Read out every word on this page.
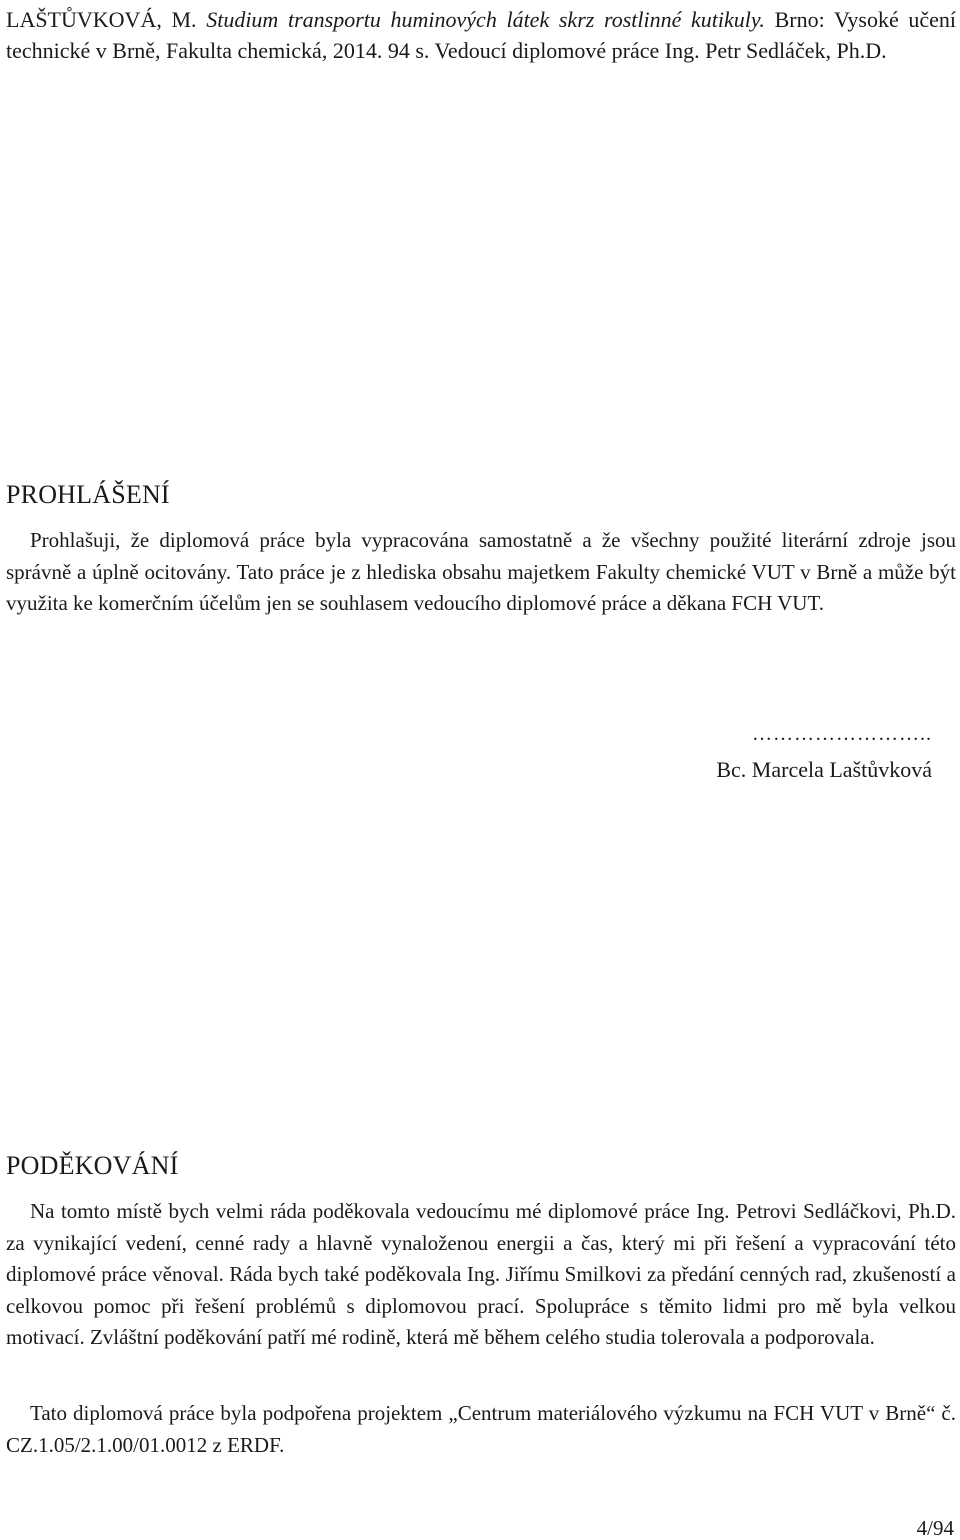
LAŠTŮVKOVÁ, M. Studium transportu huminových látek skrz rostlinné kutikuly. Brno: Vysoké učení technické v Brně, Fakulta chemická, 2014. 94 s. Vedoucí diplomové práce Ing. Petr Sedláček, Ph.D.
PROHLÁŠENÍ
Prohlašuji, že diplomová práce byla vypracována samostatně a že všechny použité literární zdroje jsou správně a úplně ocitovány. Tato práce je z hlediska obsahu majetkem Fakulty chemické VUT v Brně a může být využita ke komerčním účelům jen se souhlasem vedoucího diplomové práce a děkana FCH VUT.
……………………..
Bc. Marcela Laštůvková
PODĚKOVÁNÍ
Na tomto místě bych velmi ráda poděkovala vedoucímu mé diplomové práce Ing. Petrovi Sedláčkovi, Ph.D. za vynikající vedení, cenné rady a hlavně vynaloženou energii a čas, který mi při řešení a vypracování této diplomové práce věnoval. Ráda bych také poděkovala Ing. Jiřímu Smilkovi za předání cenných rad, zkušeností a celkovou pomoc při řešení problémů s diplomovou prací. Spolupráce s těmito lidmi pro mě byla velkou motivací. Zvláštní poděkování patří mé rodině, která mě během celého studia tolerovala a podporovala.
Tato diplomová práce byla podpořena projektem „Centrum materiálového výzkumu na FCH VUT v Brně“ č. CZ.1.05/2.1.00/01.0012 z ERDF.
4/94
